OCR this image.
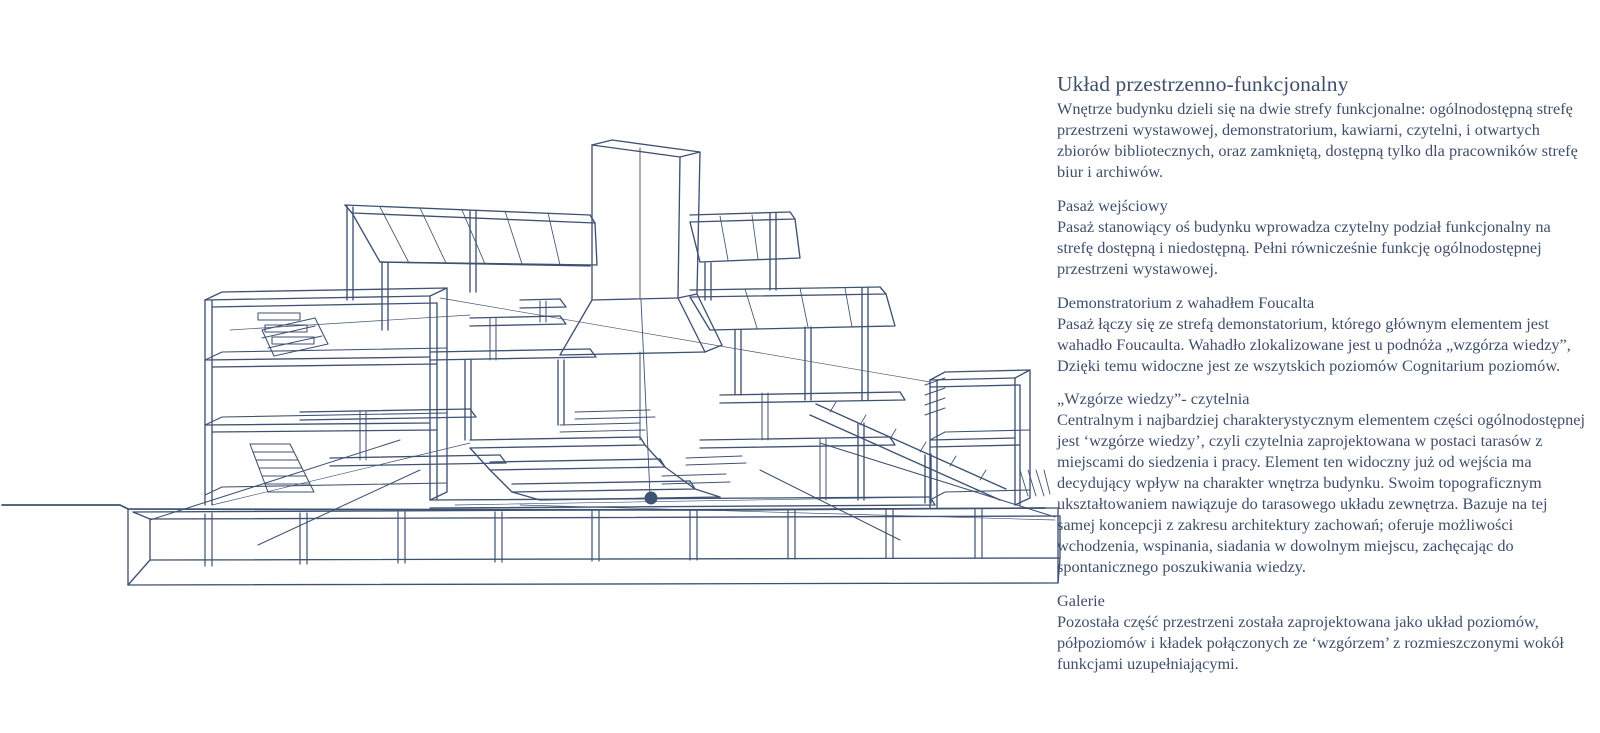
Układ przestrzenno-funkcjonalny

Wnętrze budynku dzieli się na dwie strefy funkcjonalne: ogólnodostępną strefę przestrzeni wystawowej, demonstratorium, kawiarni, czytelni, i otwartych zbiorów bibliotecznych, oraz zamkniętą, dostępną tylko dla pracowników strefę biur i archiwów.

Pasaż wejściowy

Pasaż stanowiący oś budynku wprowadza czytelny podział funkcjonalny na strefę dostępną i niedostępną. Pełni równicześnie funkcję ogólnodostępnej przestrzeni wystawowej.

Demonstratorium z wahadłem Foucalta

Pasaż łączy się ze strefą demonstatorium, którego głównym elementem jest wahadło Foucaulta. Wahadło zlokalizowane jest u podnóża „wzgórza wiedzy”, Dzięki temu widoczne jest ze wszytskich poziomów Cognitarium poziomów.

„Wzgórze wiedzy”- czytelnia

Centralnym i najbardziej charakterystycznym elementem części ogólnodostępnej jest ‘wzgórze wiedzy’, czyli czytelnia zaprojektowana w postaci tarasów z miejscami do siedzenia i pracy. Element ten widoczny już od wejścia ma decydujący wpływ na charakter wnętrza budynku. Swoim topograficznym ukształtowaniem nawiązuje do tarasowego układu zewnętrza. Bazuje na tej samej koncepcji z zakresu architektury zachowań; oferuje możliwości wchodzenia, wspinania, siadania w dowolnym miejscu, zachęcając do spontanicznego poszukiwania wiedzy.

Galerie

Pozostała część przestrzeni została zaprojektowana jako układ poziomów, półpoziomów i kładek połączonych ze ‘wzgórzem’ z rozmieszczonymi wokół funkcjami uzupełniającymi.
